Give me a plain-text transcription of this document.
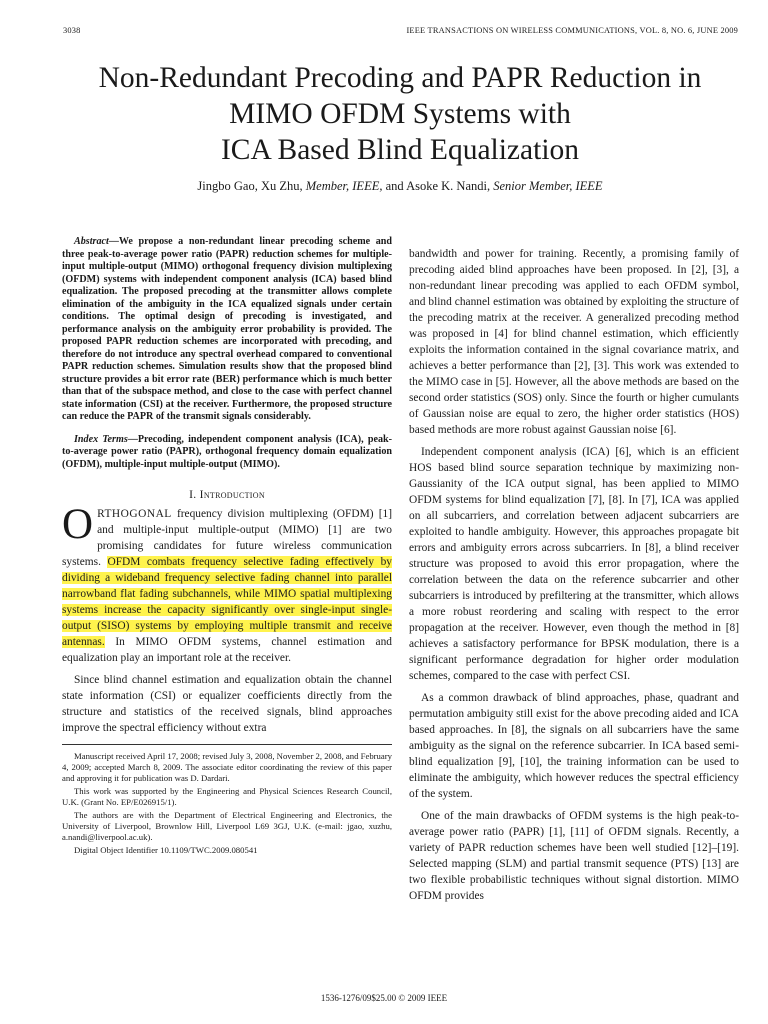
3038	IEEE TRANSACTIONS ON WIRELESS COMMUNICATIONS, VOL. 8, NO. 6, JUNE 2009
Non-Redundant Precoding and PAPR Reduction in
MIMO OFDM Systems with
ICA Based Blind Equalization
Jingbo Gao, Xu Zhu, Member, IEEE, and Asoke K. Nandi, Senior Member, IEEE

Abstract—We propose a non-redundant linear precoding scheme and three peak-to-average power ratio (PAPR) reduction schemes for multiple-input multiple-output (MIMO) orthogonal frequency division multiplexing (OFDM) systems with independent component analysis (ICA) based blind equalization. The proposed precoding at the transmitter allows complete elimination of the ambiguity in the ICA equalized signals under certain conditions. The optimal design of precoding is investigated, and performance analysis on the ambiguity error probability is provided. The proposed PAPR reduction schemes are incorporated with precoding, and therefore do not introduce any spectral overhead compared to conventional PAPR reduction schemes. Simulation results show that the proposed blind structure provides a bit error rate (BER) performance which is much better than that of the subspace method, and close to the case with perfect channel state information (CSI) at the receiver. Furthermore, the proposed structure can reduce the PAPR of the transmit signals considerably.

Index Terms—Precoding, independent component analysis (ICA), peak-to-average power ratio (PAPR), orthogonal frequency domain equalization (OFDM), multiple-input multiple-output (MIMO).

I. Introduction

ORTHOGONAL frequency division multiplexing (OFDM) [1] and multiple-input multiple-output (MIMO) [1] are two promising candidates for future wireless communication systems. OFDM combats frequency selective fading effectively by dividing a wideband frequency selective fading channel into parallel narrowband flat fading subchannels, while MIMO spatial multiplexing systems increase the capacity significantly over single-input single-output (SISO) systems by employing multiple transmit and receive antennas. In MIMO OFDM systems, channel estimation and equalization play an important role at the receiver.

Since blind channel estimation and equalization obtain the channel state information (CSI) or equalizer coefficients directly from the structure and statistics of the received signals, blind approaches improve the spectral efficiency without extra

Manuscript received April 17, 2008; revised July 3, 2008, November 2, 2008, and February 4, 2009; accepted March 8, 2009. The associate editor coordinating the review of this paper and approving it for publication was D. Dardari.

This work was supported by the Engineering and Physical Sciences Research Council, U.K. (Grant No. EP/E026915/1).

The authors are with the Department of Electrical Engineering and Electronics, the University of Liverpool, Brownlow Hill, Liverpool L69 3GJ, U.K. (e-mail: jgao, xuzhu, a.nandi@liverpool.ac.uk).

Digital Object Identifier 10.1109/TWC.2009.080541

bandwidth and power for training. Recently, a promising family of precoding aided blind approaches have been proposed. In [2], [3], a non-redundant linear precoding was applied to each OFDM symbol, and blind channel estimation was obtained by exploiting the structure of the precoding matrix at the receiver. A generalized precoding method was proposed in [4] for blind channel estimation, which efficiently exploits the information contained in the signal covariance matrix, and achieves a better performance than [2], [3]. This work was extended to the MIMO case in [5]. However, all the above methods are based on the second order statistics (SOS) only. Since the fourth or higher cumulants of Gaussian noise are equal to zero, the higher order statistics (HOS) based methods are more robust against Gaussian noise [6].

Independent component analysis (ICA) [6], which is an efficient HOS based blind source separation technique by maximizing non-Gaussianity of the ICA output signal, has been applied to MIMO OFDM systems for blind equalization [7], [8]. In [7], ICA was applied on all subcarriers, and correlation between adjacent subcarriers are exploited to handle ambiguity. However, this approaches propagate bit errors and ambiguity errors across subcarriers. In [8], a blind receiver structure was proposed to avoid this error propagation, where the correlation between the data on the reference subcarrier and other subcarriers is introduced by prefiltering at the transmitter, which allows a more robust reordering and scaling with respect to the error propagation at the receiver. However, even though the method in [8] achieves a satisfactory performance for BPSK modulation, there is a significant performance degradation for higher order modulation schemes, compared to the case with perfect CSI.

As a common drawback of blind approaches, phase, quadrant and permutation ambiguity still exist for the above precoding aided and ICA based approaches. In [8], the signals on all subcarriers have the same ambiguity as the signal on the reference subcarrier. In ICA based semi-blind equalization [9], [10], the training information can be used to eliminate the ambiguity, which however reduces the spectral efficiency of the system.

One of the main drawbacks of OFDM systems is the high peak-to-average power ratio (PAPR) [1], [11] of OFDM signals. Recently, a variety of PAPR reduction schemes have been well studied [12]–[19]. Selected mapping (SLM) and partial transmit sequence (PTS) [13] are two flexible probabilistic techniques without signal distortion. MIMO OFDM provides

1536-1276/09$25.00 © 2009 IEEE
